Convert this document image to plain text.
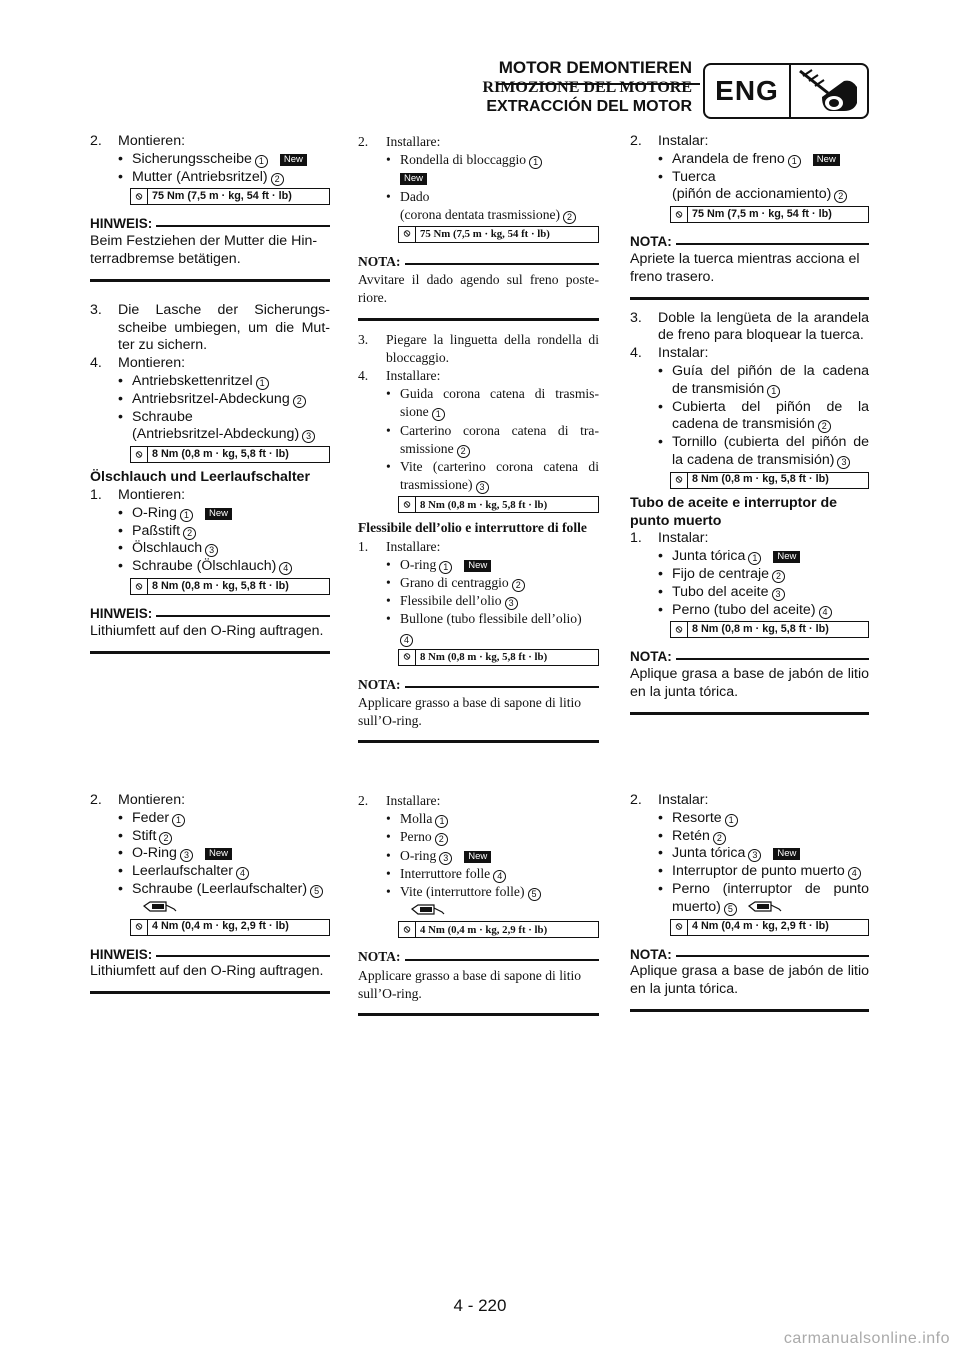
MOTOR DEMONTIEREN
RIMOZIONE DEL MOTORE
EXTRACCIÓN DEL MOTOR
ENG
2.	Montieren:
• Sicherungsscheibe 1 New
• Mutter (Antriebsritzel) 2
⦸ 75 Nm (7,5 m · kg, 54 ft · lb)
HINWEIS:
Beim Festziehen der Mutter die Hin-terradbremse betätigen.
3.	Die Lasche der Sicherungs-scheibe umbiegen, um die Mut-ter zu sichern.
4.	Montieren:
• Antriebskettenritzel 1
• Antriebsritzel-Abdeckung 2
• Schraube
(Antriebsritzel-Abdeckung) 3
⦸ 8 Nm (0,8 m · kg, 5,8 ft · lb)
Ölschlauch und Leerlaufschalter
1.	Montieren:
• O-Ring 1 New
• Paßstift 2
• Ölschlauch 3
• Schraube (Ölschlauch) 4
⦸ 8 Nm (0,8 m · kg, 5,8 ft · lb)
HINWEIS:
Lithiumfett auf den O-Ring auftragen.
2.	Installare:
• Rondella di bloccaggio 1
New
• Dado
(corona dentata trasmissione) 2
⦸ 75 Nm (7,5 m · kg, 54 ft · lb)
NOTA:
Avvitare il dado agendo sul freno poste-riore.
3.	Piegare la linguetta della rondella di bloccaggio.
4.	Installare:
• Guida corona catena di trasmis-sione 1
• Carterino corona catena di tra-smissione 2
• Vite (carterino corona catena di trasmissione) 3
⦸ 8 Nm (0,8 m · kg, 5,8 ft · lb)
Flessibile dell’olio e interruttore di folle
1.	Installare:
• O-ring 1 New
• Grano di centraggio 2
• Flessibile dell’olio 3
• Bullone (tubo flessibile dell’olio)
4
⦸ 8 Nm (0,8 m · kg, 5,8 ft · lb)
NOTA:
Applicare grasso a base di sapone di litio sull’O-ring.
2.	Instalar:
• Arandela de freno 1 New
• Tuerca
(piñón de accionamiento) 2
⦸ 75 Nm (7,5 m · kg, 54 ft · lb)
NOTA:
Apriete la tuerca mientras acciona el freno trasero.
3.	Doble la lengüeta de la arandela de freno para bloquear la tuerca.
4.	Instalar:
• Guía del piñón de la cadena de transmisión 1
• Cubierta del piñón de la cadena de transmisión 2
• Tornillo (cubierta del piñón de la cadena de transmisión) 3
⦸ 8 Nm (0,8 m · kg, 5,8 ft · lb)
Tubo de aceite e interruptor de punto muerto
1.	Instalar:
• Junta tórica 1 New
• Fijo de centraje 2
• Tubo del aceite 3
• Perno (tubo del aceite) 4
⦸ 8 Nm (0,8 m · kg, 5,8 ft · lb)
NOTA:
Aplique grasa a base de jabón de litio en la junta tórica.
2.	Montieren:
• Feder 1
• Stift 2
• O-Ring 3 New
• Leerlaufschalter 4
• Schraube (Leerlaufschalter) 5
⦸ 4 Nm (0,4 m · kg, 2,9 ft · lb)
HINWEIS:
Lithiumfett auf den O-Ring auftragen.
2.	Installare:
• Molla 1
• Perno 2
• O-ring 3 New
• Interruttore folle 4
• Vite (interruttore folle) 5
⦸ 4 Nm (0,4 m · kg, 2,9 ft · lb)
NOTA:
Applicare grasso a base di sapone di litio sull’O-ring.
2.	Instalar:
• Resorte 1
• Retén 2
• Junta tórica 3 New
• Interruptor de punto muerto 4
• Perno (interruptor de punto muerto) 5
⦸ 4 Nm (0,4 m · kg, 2,9 ft · lb)
NOTA:
Aplique grasa a base de jabón de litio en la junta tórica.
4 - 220
carmanualsonline.info
